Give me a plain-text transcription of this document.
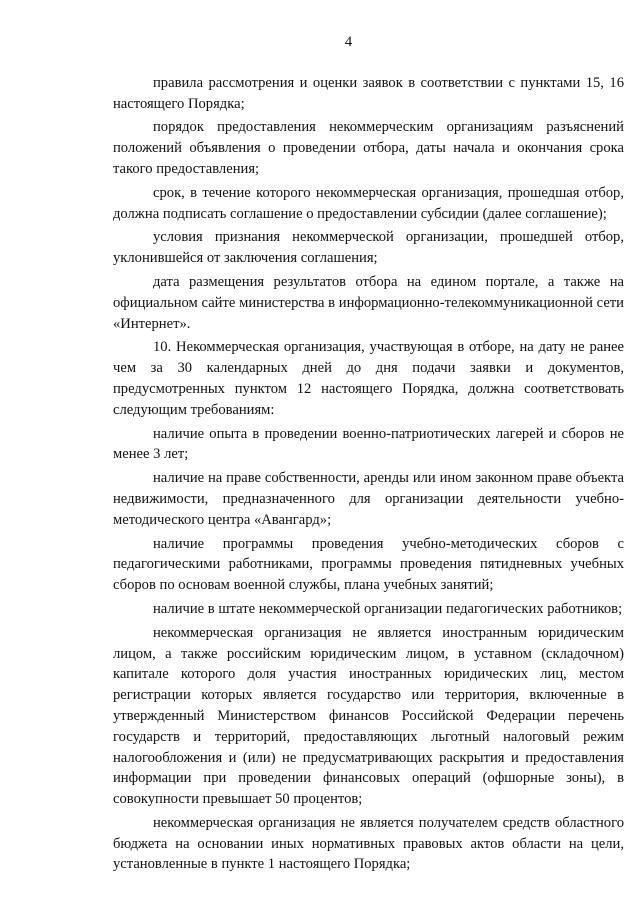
4

правила рассмотрения и оценки заявок в соответствии с пунктами 15, 16 настоящего Порядка;

порядок предоставления некоммерческим организациям разъяснений положений объявления о проведении отбора, даты начала и окончания срока такого предоставления;

срок, в течение которого некоммерческая организация, прошедшая отбор, должна подписать соглашение о предоставлении субсидии (далее соглашение);

условия признания некоммерческой организации, прошедшей отбор, уклонившейся от заключения соглашения;

дата размещения результатов отбора на едином портале, а также на официальном сайте министерства в информационно-телекоммуникационной сети «Интернет».

10. Некоммерческая организация, участвующая в отборе, на дату не ранее чем за 30 календарных дней до дня подачи заявки и документов, предусмотренных пунктом 12 настоящего Порядка, должна соответствовать следующим требованиям:

наличие опыта в проведении военно-патриотических лагерей и сборов не менее 3 лет;

наличие на праве собственности, аренды или ином законном праве объекта недвижимости, предназначенного для организации деятельности учебно-методического центра «Авангард»;

наличие программы проведения учебно-методических сборов с педагогическими работниками, программы проведения пятидневных учебных сборов по основам военной службы, плана учебных занятий;

наличие в штате некоммерческой организации педагогических работников;

некоммерческая организация не является иностранным юридическим лицом, а также российским юридическим лицом, в уставном (складочном) капитале которого доля участия иностранных юридических лиц, местом регистрации которых является государство или территория, включенные в утвержденный Министерством финансов Российской Федерации перечень государств и территорий, предоставляющих льготный налоговый режим налогообложения и (или) не предусматривающих раскрытия и предоставления информации при проведении финансовых операций (офшорные зоны), в совокупности превышает 50 процентов;

некоммерческая организация не является получателем средств областного бюджета на основании иных нормативных правовых актов области на цели, установленные в пункте 1 настоящего Порядка;
